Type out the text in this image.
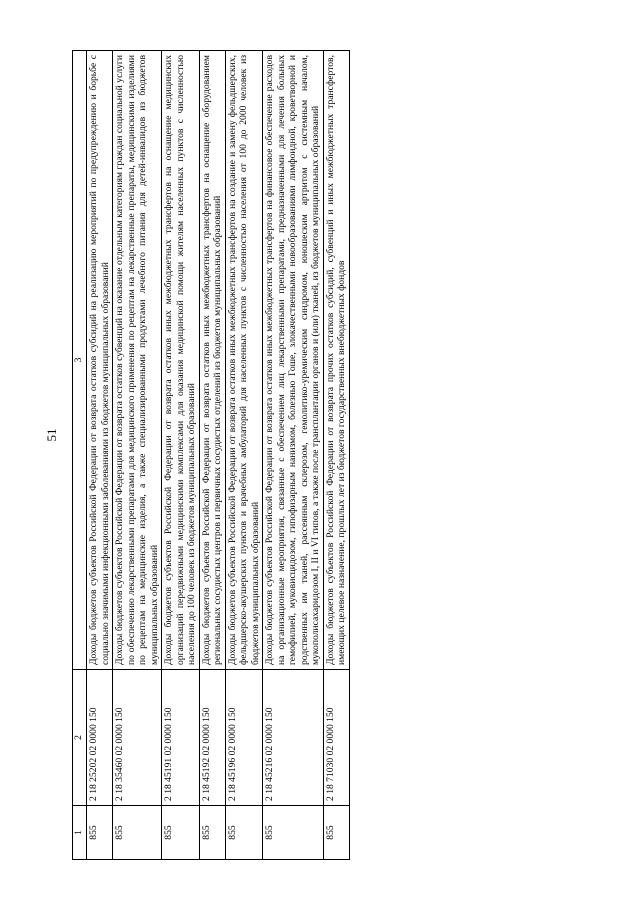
51
1	2	3
855	2 18 25202 02 0000 150	Доходы бюджетов субъектов Российской Федерации от возврата остатков субсидий на реализацию мероприятий по предупреждению и борьбе с социально значимыми инфекционными заболеваниями из бюджетов муниципальных образований
855	2 18 35460 02 0000 150	Доходы бюджетов субъектов Российской Федерации от возврата остатков субвенций на оказание отдельным категориям граждан социальной услуги по обеспечению лекарственными препаратами для медицинского применения по рецептам на лекарственные препараты, медицинскими изделиями по рецептам на медицинские изделия, а также специализированными продуктами лечебного питания для детей-инвалидов из бюджетов муниципальных образований
855	2 18 45191 02 0000 150	Доходы бюджетов субъектов Российской Федерации от возврата остатков иных межбюджетных трансфертов на оснащение медицинских организаций передвижными медицинскими комплексами для оказания медицинской помощи жителям населенных пунктов с численностью населения до 100 человек из бюджетов муниципальных образований
855	2 18 45192 02 0000 150	Доходы бюджетов субъектов Российской Федерации от возврата остатков иных межбюджетных трансфертов на оснащение оборудованием региональных сосудистых центров и первичных сосудистых отделений из бюджетов муниципальных образований
855	2 18 45196 02 0000 150	Доходы бюджетов субъектов Российской Федерации от возврата остатков иных межбюджетных трансфертов на создание и замену фельдшерских, фельдшерско-акушерских пунктов и врачебных амбулаторий для населенных пунктов с численностью населения от 100 до 2000 человек из бюджетов муниципальных образований
855	2 18 45216 02 0000 150	Доходы бюджетов субъектов Российской Федерации от возврата остатков иных межбюджетных трансфертов на финансовое обеспечение расходов на организационные мероприятия, связанные с обеспечением лиц лекарственными препаратами, предназначенными для лечения больных гемофилией, муковисцидозом, гипофизарным нанизмом, болезнью Гоше, злокачественными новообразованиями лимфоидной, кроветворной и родственных им тканей, рассеянным склерозом, гемолитико-уремическим синдромом, юношеским артритом с системным началом, мукополисахаридозом I, II и VI типов, а также после трансплантации органов и (или) тканей, из бюджетов муниципальных образований
855	2 18 71030 02 0000 150	Доходы бюджетов субъектов Российской Федерации от возврата прочих остатков субсидий, субвенций и иных межбюджетных трансфертов, имеющих целевое назначение, прошлых лет из бюджетов государственных внебюджетных фондов
